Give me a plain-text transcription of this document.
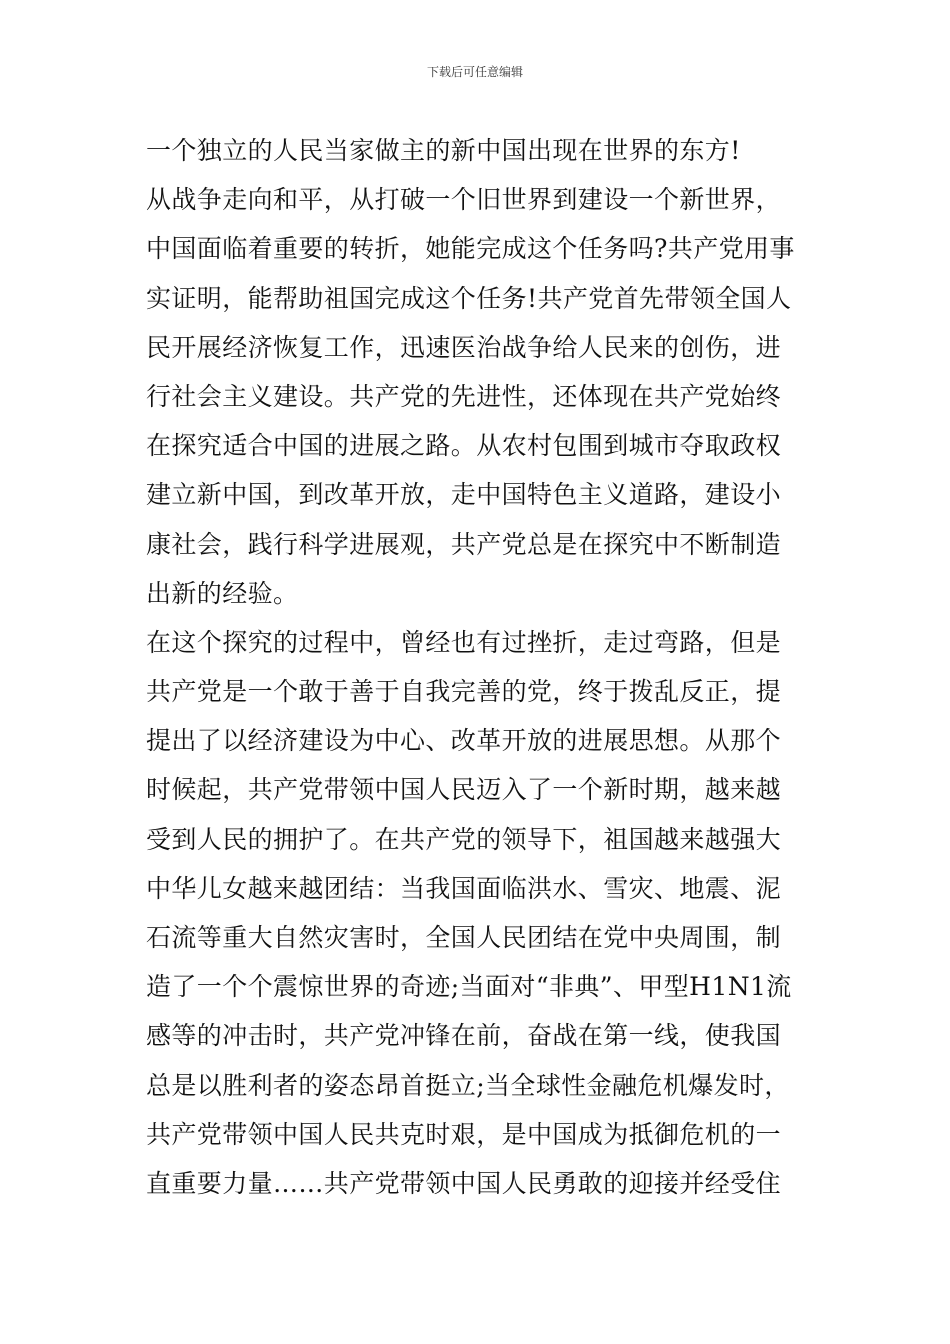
下载后可任意编辑
一个独立的人民当家做主的新中国出现在世界的东方!
从战争走向和平，从打破一个旧世界到建设一个新世界，
中国面临着重要的转折，她能完成这个任务吗?共产党用事
实证明，能帮助祖国完成这个任务!共产党首先带领全国人
民开展经济恢复工作，迅速医治战争给人民来的创伤，进
行社会主义建设。共产党的先进性，还体现在共产党始终
在探究适合中国的进展之路。从农村包围到城市夺取政权
建立新中国，到改革开放，走中国特色主义道路，建设小
康社会，践行科学进展观，共产党总是在探究中不断制造
出新的经验。
在这个探究的过程中，曾经也有过挫折，走过弯路，但是
共产党是一个敢于善于自我完善的党，终于拨乱反正，提
提出了以经济建设为中心、改革开放的进展思想。从那个
时候起，共产党带领中国人民迈入了一个新时期，越来越
受到人民的拥护了。在共产党的领导下，祖国越来越强大
中华儿女越来越团结：当我国面临洪水、雪灾、地震、泥
石流等重大自然灾害时，全国人民团结在党中央周围，制
造了一个个震惊世界的奇迹;当面对“非典”、甲型H1N1流
感等的冲击时，共产党冲锋在前，奋战在第一线，使我国
总是以胜利者的姿态昂首挺立;当全球性金融危机爆发时，
共产党带领中国人民共克时艰，是中国成为抵御危机的一
直重要力量……共产党带领中国人民勇敢的迎接并经受住
